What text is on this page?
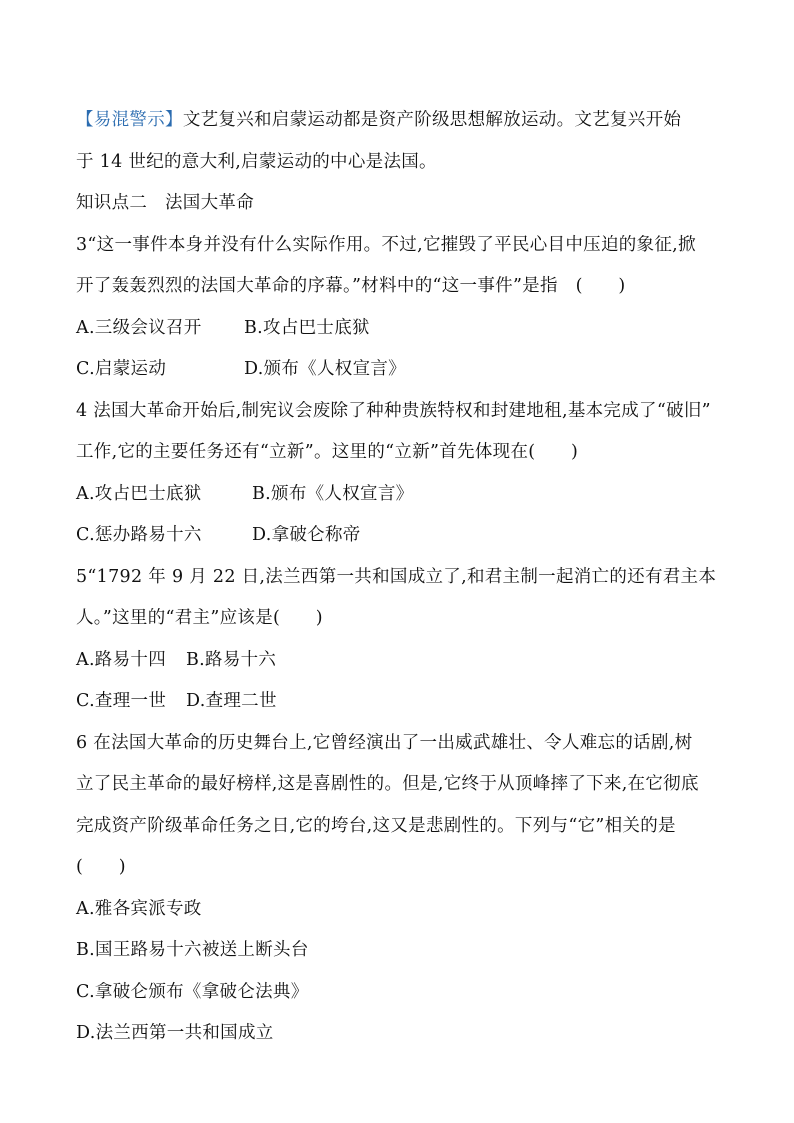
【易混警示】文艺复兴和启蒙运动都是资产阶级思想解放运动。文艺复兴开始
于 14 世纪的意大利,启蒙运动的中心是法国。
知识点二　法国大革命
3“这一事件本身并没有什么实际作用。不过,它摧毁了平民心目中压迫的象征,掀
开了轰轰烈烈的法国大革命的序幕。”材料中的“这一事件”是指　(　　)
A.三级会议召开	B.攻占巴士底狱
C.启蒙运动	D.颁布《人权宣言》
4 法国大革命开始后,制宪议会废除了种种贵族特权和封建地租,基本完成了“破旧”
工作,它的主要任务还有“立新”。这里的“立新”首先体现在(　　)
A.攻占巴士底狱	B.颁布《人权宣言》
C.惩办路易十六	D.拿破仑称帝
5“1792 年 9 月 22 日,法兰西第一共和国成立了,和君主制一起消亡的还有君主本
人。”这里的“君主”应该是(　　)
A.路易十四	B.路易十六
C.查理一世	D.查理二世
6 在法国大革命的历史舞台上,它曾经演出了一出威武雄壮、令人难忘的话剧,树
立了民主革命的最好榜样,这是喜剧性的。但是,它终于从顶峰摔了下来,在它彻底
完成资产阶级革命任务之日,它的垮台,这又是悲剧性的。下列与“它”相关的是
(　　)
A.雅各宾派专政
B.国王路易十六被送上断头台
C.拿破仑颁布《拿破仑法典》
D.法兰西第一共和国成立
